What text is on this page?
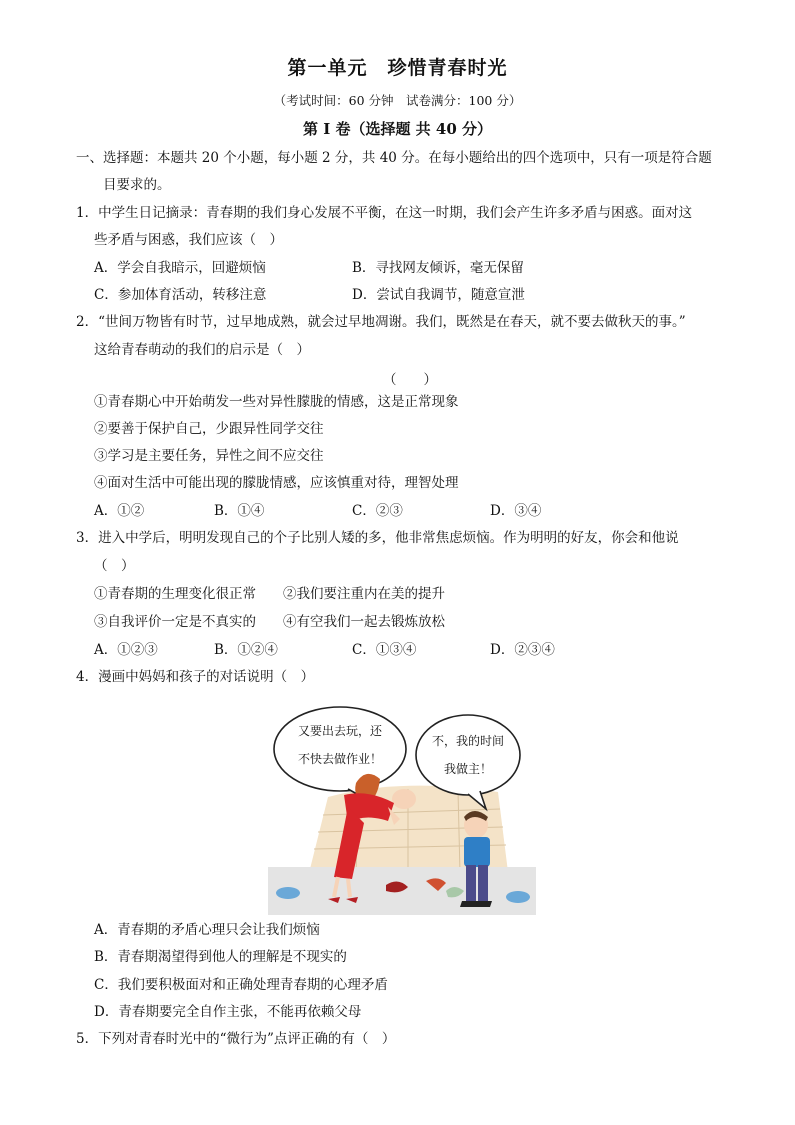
第一单元　珍惜青春时光
（考试时间：60 分钟　试卷满分：100 分）
第 I 卷（选择题 共 40 分）
一、选择题：本题共 20 个小题，每小题 2 分，共 40 分。在每小题给出的四个选项中，只有一项是符合题
目要求的。
1．中学生日记摘录：青春期的我们身心发展不平衡，在这一时期，我们会产生许多矛盾与困惑。面对这
些矛盾与困惑，我们应该（　）
A．学会自我暗示，回避烦恼	B．寻找网友倾诉，毫无保留
C．参加体育活动，转移注意	D．尝试自我调节，随意宣泄
2．“世间万物皆有时节，过早地成熟，就会过早地凋谢。我们，既然是在春天，就不要去做秋天的事。”
这给青春萌动的我们的启示是（　）
（　　）
①青春期心中开始萌发一些对异性朦胧的情感，这是正常现象
②要善于保护自己，少跟异性同学交往
③学习是主要任务，异性之间不应交往
④面对生活中可能出现的朦胧情感，应该慎重对待，理智处理
A．①②	B．①④	C．②③	D．③④
3．进入中学后，明明发现自己的个子比别人矮的多，他非常焦虑烦恼。作为明明的好友，你会和他说
（　）
①青春期的生理变化很正常 ②我们要注重内在美的提升
③自我评价一定是不真实的 ④有空我们一起去锻炼放松
A．①②③	B．①②④	C．①③④	D．②③④
4．漫画中妈妈和孩子的对话说明（　）
又要出去玩，还
不快去做作业！
不，我的时间
我做主！
A．青春期的矛盾心理只会让我们烦恼
B．青春期渴望得到他人的理解是不现实的
C．我们要积极面对和正确处理青春期的心理矛盾
D．青春期要完全自作主张，不能再依赖父母
5．下列对青春时光中的“微行为”点评正确的有（　）
